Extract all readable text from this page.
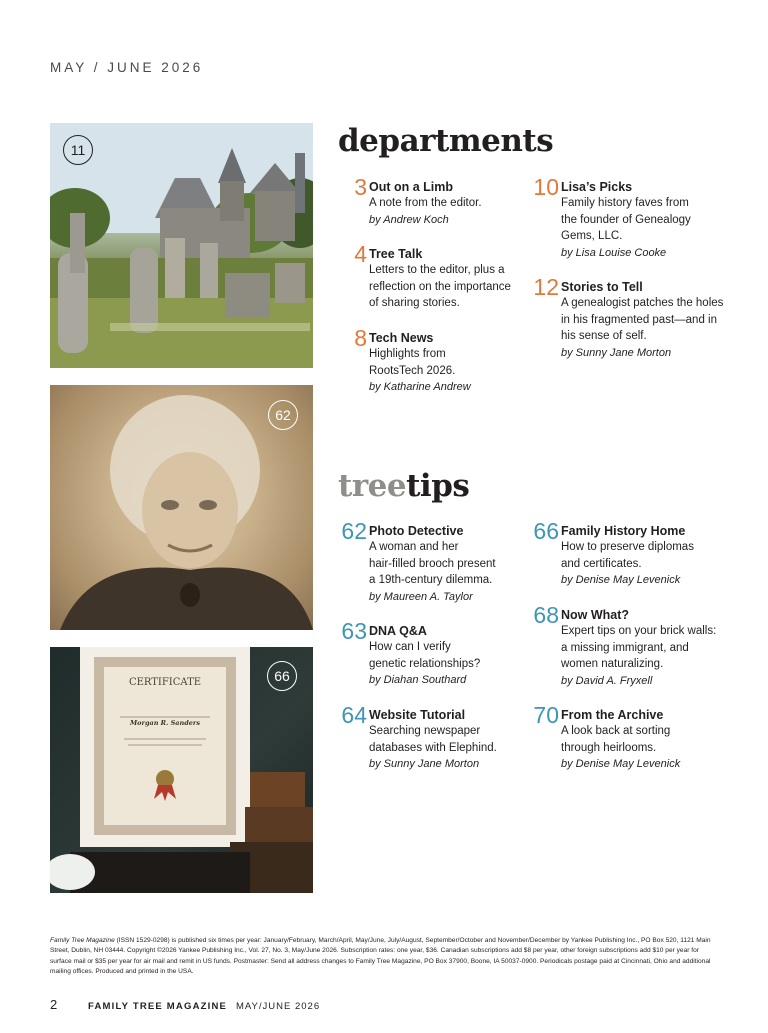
MAY / JUNE 2026
11
62
CERTIFICATE
Morgan R. Sanders
66
departments
3 Out on a Limb
A note from the editor.
by Andrew Koch
4 Tree Talk
Letters to the editor, plus a
reflection on the importance
of sharing stories.
8 Tech News
Highlights from
RootsTech 2026.
by Katharine Andrew
10 Lisa’s Picks
Family history faves from
the founder of Genealogy
Gems, LLC.
by Lisa Louise Cooke
12 Stories to Tell
A genealogist patches the holes
in his fragmented past—and in
his sense of self.
by Sunny Jane Morton
treetips
62 Photo Detective
A woman and her
hair-filled brooch present
a 19th-century dilemma.
by Maureen A. Taylor
63 DNA Q&A
How can I verify
genetic relationships?
by Diahan Southard
64 Website Tutorial
Searching newspaper
databases with Elephind.
by Sunny Jane Morton
66 Family History Home
How to preserve diplomas
and certificates.
by Denise May Levenick
68 Now What?
Expert tips on your brick walls:
a missing immigrant, and
women naturalizing.
by David A. Fryxell
70 From the Archive
A look back at sorting
through heirlooms.
by Denise May Levenick
Family Tree Magazine (ISSN 1529-0298) is published six times per year: January/February, March/April, May/June, July/August, September/October and November/December by Yankee Publishing Inc., PO Box 520, 1121 Main Street, Dublin, NH 03444. Copyright ©2026 Yankee Publishing Inc., Vol. 27, No. 3, May/June 2026. Subscription rates: one year, $36. Canadian subscriptions add $8 per year, other foreign subscriptions add $10 per year for surface mail or $35 per year for air mail and remit in US funds. Postmaster: Send all address changes to Family Tree Magazine, PO Box 37900, Boone, IA 50037-0900. Periodicals postage paid at Cincinnati, Ohio and additional mailing offices. Produced and printed in the USA.
2	FAMILY TREE MAGAZINE MAY/JUNE 2026
